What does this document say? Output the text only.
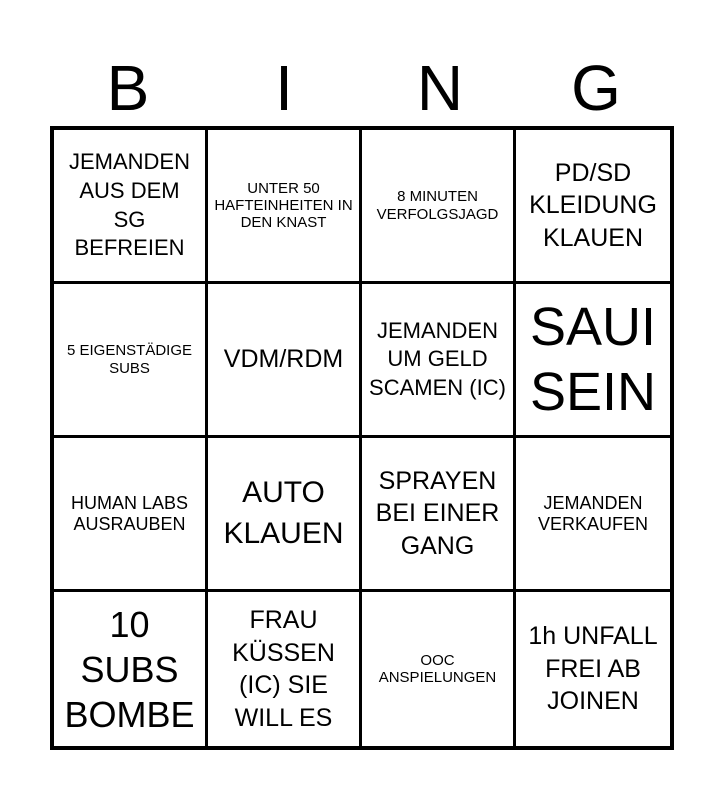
B	I	N	G
JEMANDEN AUS DEM SG BEFREIEN
UNTER 50 HAFTEINHEITEN IN DEN KNAST
8 MINUTEN VERFOLGSJAGD
PD/SD KLEIDUNG KLAUEN
5 EIGENSTÄDIGE SUBS	VDM/RDM
JEMANDEN UM GELD SCAMEN (IC)
SAUI SEIN
HUMAN LABS AUSRAUBEN
AUTO KLAUEN
SPRAYEN BEI EINER GANG
JEMANDEN VERKAUFEN
10 SUBS BOMBE
FRAU KÜSSEN (IC) SIE WILL ES
OOC ANSPIELUNGEN
1h UNFALL FREI AB JOINEN
